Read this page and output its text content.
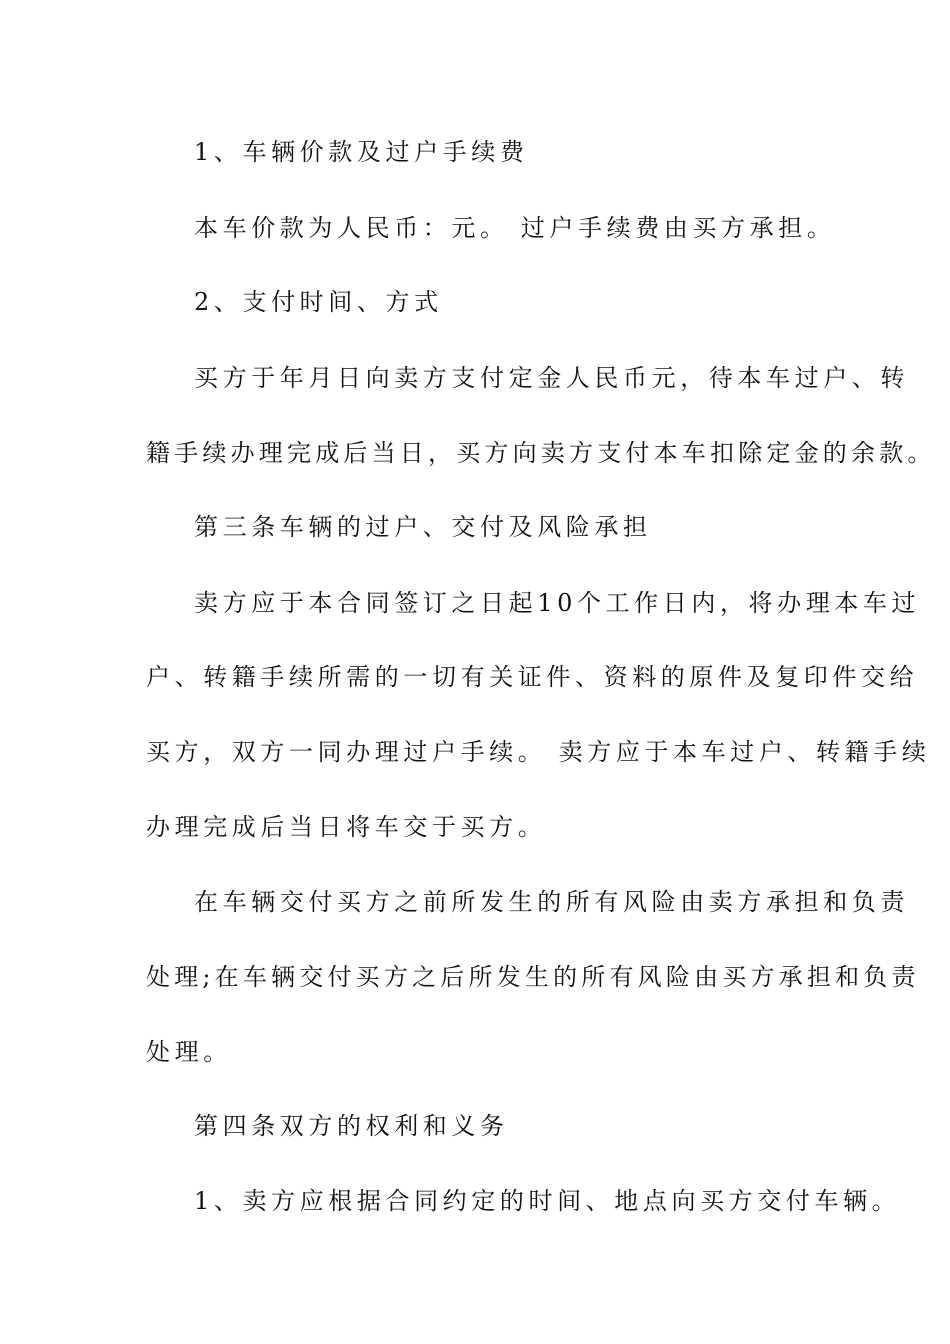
1、车辆价款及过户手续费
本车价款为人民币：元。 过户手续费由买方承担。
2、支付时间、方式
买方于年月日向卖方支付定金人民币元，待本车过户、转
籍手续办理完成后当日，买方向卖方支付本车扣除定金的余款。
第三条车辆的过户、交付及风险承担
卖方应于本合同签订之日起10个工作日内，将办理本车过
户、转籍手续所需的一切有关证件、资料的原件及复印件交给
买方，双方一同办理过户手续。 卖方应于本车过户、转籍手续
办理完成后当日将车交于买方。
在车辆交付买方之前所发生的所有风险由卖方承担和负责
处理;在车辆交付买方之后所发生的所有风险由买方承担和负责
处理。
第四条双方的权利和义务
1、卖方应根据合同约定的时间、地点向买方交付车辆。
